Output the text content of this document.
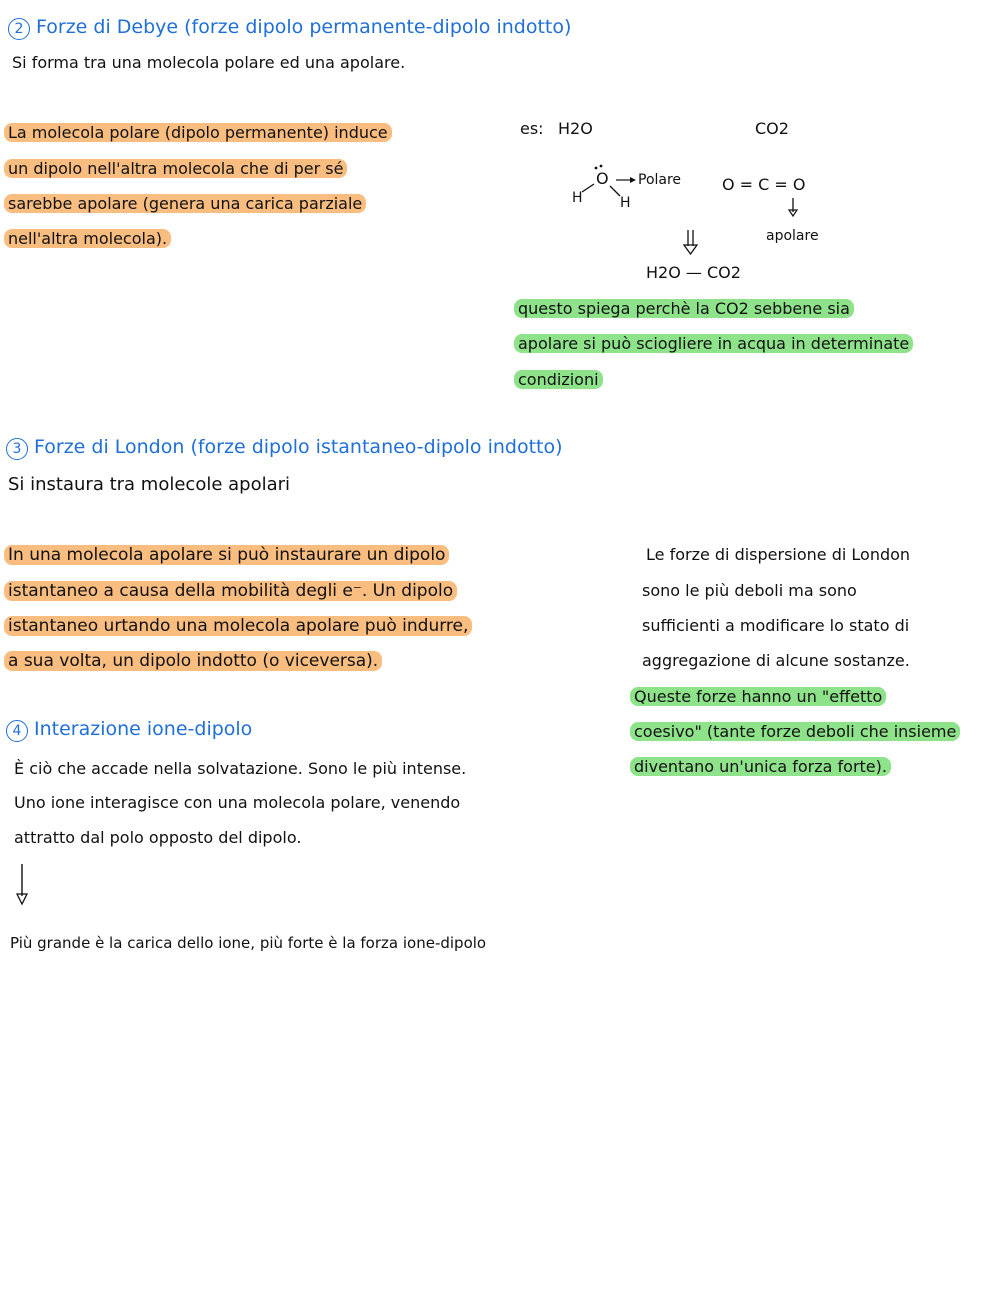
2 Forze di Debye (forze dipolo permanente-dipolo indotto)
Si forma tra una molecola polare ed una apolare.
La molecola polare (dipolo permanente) induce
un dipolo nell'altra molecola che di per sé
sarebbe apolare (genera una carica parziale
nell'altra molecola).
es: H2O	CO2
O
H	H
Polare	O = C = O
apolare
H2O — CO2
questo spiega perchè la CO2 sebbene sia
apolare si può sciogliere in acqua in determinate
condizioni
3 Forze di London (forze dipolo istantaneo-dipolo indotto)
Si instaura tra molecole apolari
In una molecola apolare si può instaurare un dipolo
istantaneo a causa della mobilità degli e⁻. Un dipolo
istantaneo urtando una molecola apolare può indurre,
a sua volta, un dipolo indotto (o viceversa).
Le forze di dispersione di London
sono le più deboli ma sono
sufficienti a modificare lo stato di
aggregazione di alcune sostanze.
Queste forze hanno un "effetto
coesivo" (tante forze deboli che insieme
diventano un'unica forza forte).
4 Interazione ione-dipolo
È ciò che accade nella solvatazione. Sono le più intense.
Uno ione interagisce con una molecola polare, venendo
attratto dal polo opposto del dipolo.
Più grande è la carica dello ione, più forte è la forza ione-dipolo
